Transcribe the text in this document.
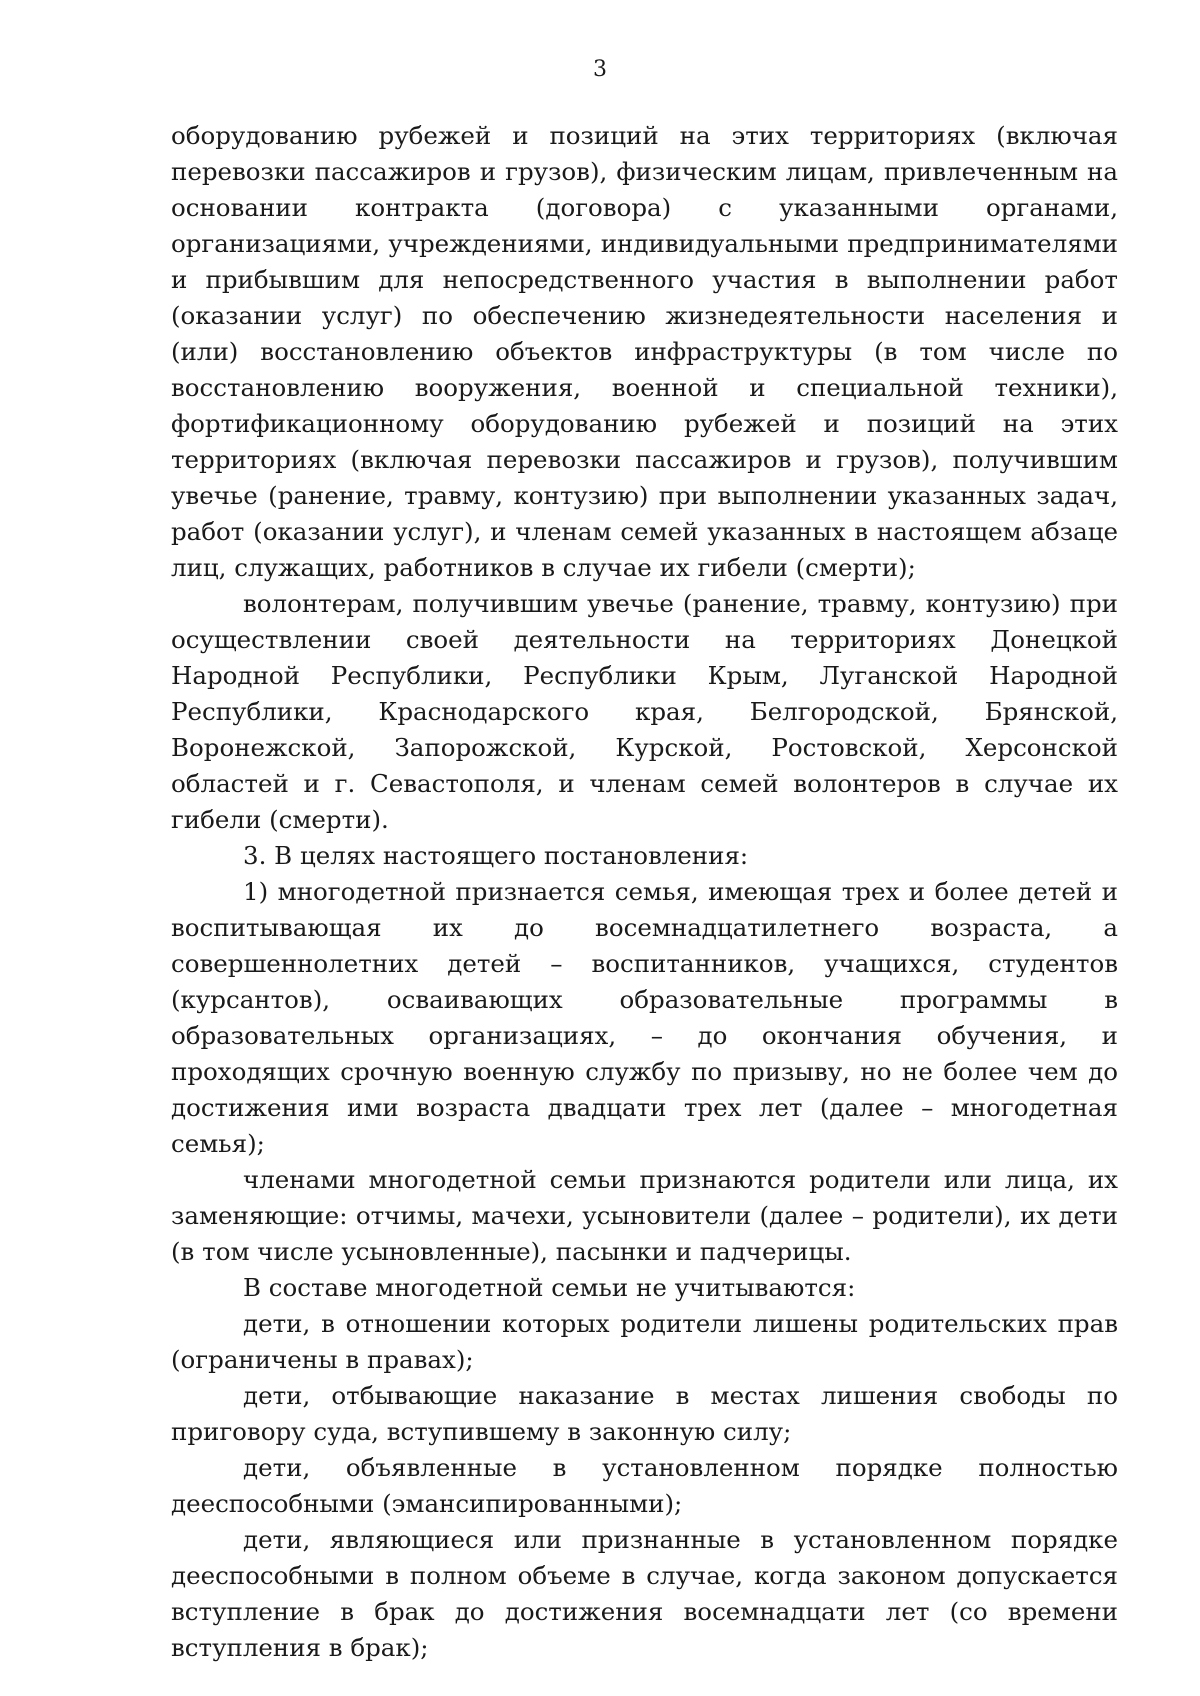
3

оборудованию рубежей и позиций на этих территориях (включая перевозки пассажиров и грузов), физическим лицам, привлеченным на основании контракта (договора) с указанными органами, организациями, учреждениями, индивидуальными предпринимателями и прибывшим для непосредственного участия в выполнении работ (оказании услуг) по обеспечению жизнедеятельности населения и (или) восстановлению объектов инфраструктуры (в том числе по восстановлению вооружения, военной и специальной техники), фортификационному оборудованию рубежей и позиций на этих территориях (включая перевозки пассажиров и грузов), получившим увечье (ранение, травму, контузию) при выполнении указанных задач, работ (оказании услуг), и членам семей указанных в настоящем абзаце лиц, служащих, работников в случае их гибели (смерти);

волонтерам, получившим увечье (ранение, травму, контузию) при осуществлении своей деятельности на территориях Донецкой Народной Республики, Республики Крым, Луганской Народной Республики, Краснодарского края, Белгородской, Брянской, Воронежской, Запорожской, Курской, Ростовской, Херсонской областей и г. Севастополя, и членам семей волонтеров в случае их гибели (смерти).

3. В целях настоящего постановления:

1) многодетной признается семья, имеющая трех и более детей и воспитывающая их до восемнадцатилетнего возраста, а совершеннолетних детей – воспитанников, учащихся, студентов (курсантов), осваивающих образовательные программы в образовательных организациях, – до окончания обучения, и проходящих срочную военную службу по призыву, но не более чем до достижения ими возраста двадцати трех лет (далее – многодетная семья);

членами многодетной семьи признаются родители или лица, их заменяющие: отчимы, мачехи, усыновители (далее – родители), их дети (в том числе усыновленные), пасынки и падчерицы.

В составе многодетной семьи не учитываются:

дети, в отношении которых родители лишены родительских прав (ограничены в правах);

дети, отбывающие наказание в местах лишения свободы по приговору суда, вступившему в законную силу;

дети, объявленные в установленном порядке полностью дееспособными (эмансипированными);

дети, являющиеся или признанные в установленном порядке дееспособными в полном объеме в случае, когда законом допускается вступление в брак до достижения восемнадцати лет (со времени вступления в брак);
